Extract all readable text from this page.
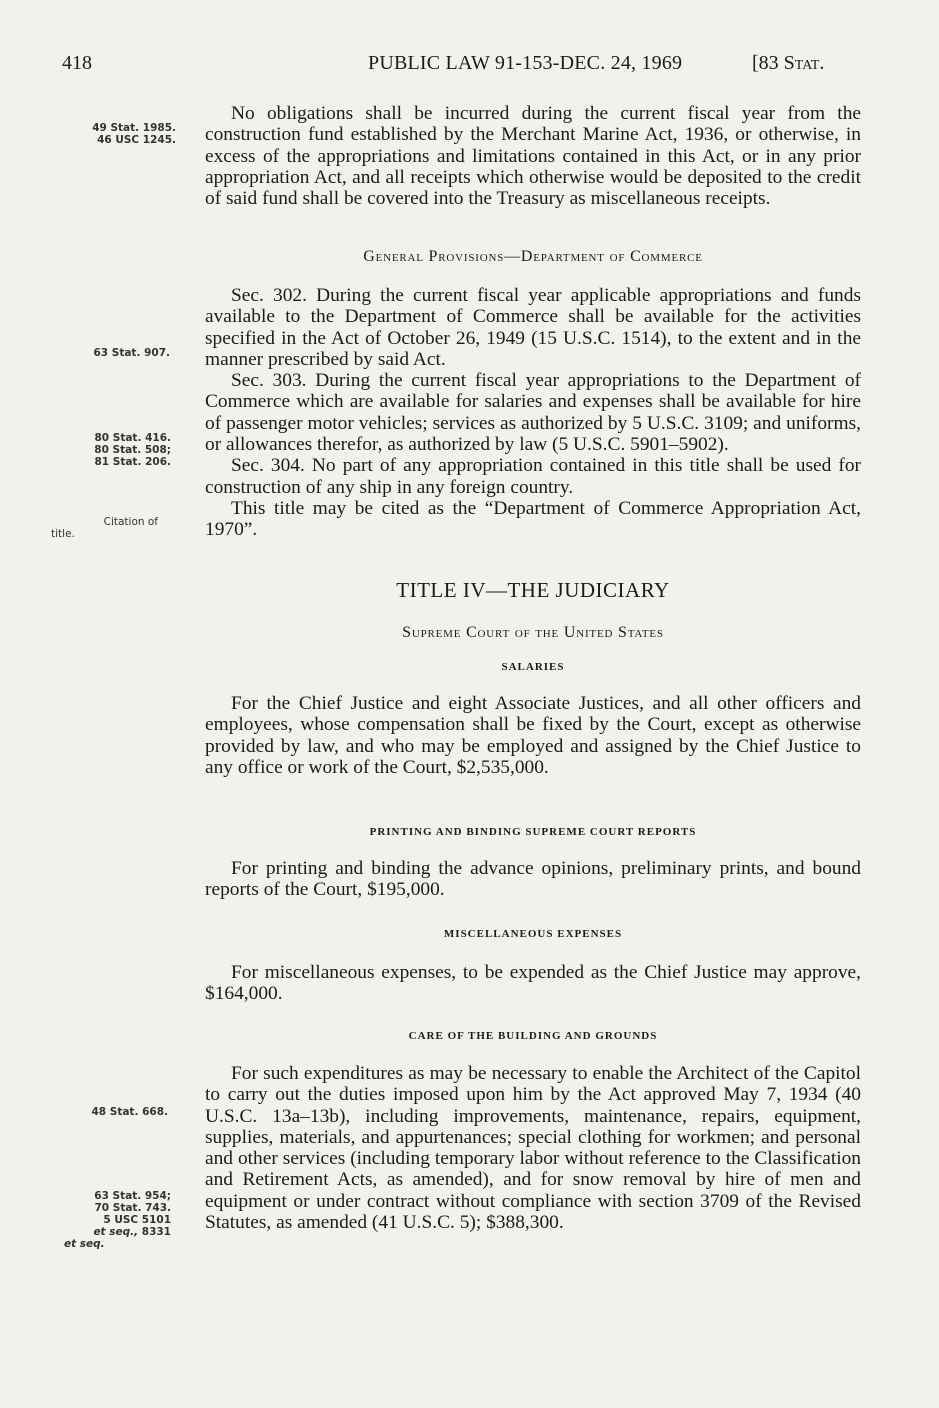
418	PUBLIC LAW 91-153-DEC. 24, 1969	[83 Stat.
49 Stat. 1985.
46 USC 1245.
63 Stat. 907.
80 Stat. 416.
80 Stat. 508;
81 Stat. 206.
Citation of
title.
48 Stat. 668.
63 Stat. 954;
70 Stat. 743.
5 USC 5101
et seq., 8331
et seq.

No obligations shall be incurred during the current fiscal year from the construction fund established by the Merchant Marine Act, 1936, or otherwise, in excess of the appropriations and limitations contained in this Act, or in any prior appropriation Act, and all receipts which otherwise would be deposited to the credit of said fund shall be covered into the Treasury as miscellaneous receipts.

General Provisions—Department of Commerce

Sec. 302. During the current fiscal year applicable appropriations and funds available to the Department of Commerce shall be available for the activities specified in the Act of October 26, 1949 (15 U.S.C. 1514), to the extent and in the manner prescribed by said Act.

Sec. 303. During the current fiscal year appropriations to the Department of Commerce which are available for salaries and expenses shall be available for hire of passenger motor vehicles; services as authorized by 5 U.S.C. 3109; and uniforms, or allowances therefor, as authorized by law (5 U.S.C. 5901–5902).

Sec. 304. No part of any appropriation contained in this title shall be used for construction of any ship in any foreign country.

This title may be cited as the “Department of Commerce Appropriation Act, 1970”.

TITLE IV—THE JUDICIARY
Supreme Court of the United States
SALARIES

For the Chief Justice and eight Associate Justices, and all other officers and employees, whose compensation shall be fixed by the Court, except as otherwise provided by law, and who may be employed and assigned by the Chief Justice to any office or work of the Court, $2,535,000.

PRINTING AND BINDING SUPREME COURT REPORTS

For printing and binding the advance opinions, preliminary prints, and bound reports of the Court, $195,000.

MISCELLANEOUS EXPENSES

For miscellaneous expenses, to be expended as the Chief Justice may approve, $164,000.

CARE OF THE BUILDING AND GROUNDS

For such expenditures as may be necessary to enable the Architect of the Capitol to carry out the duties imposed upon him by the Act approved May 7, 1934 (40 U.S.C. 13a–13b), including improvements, maintenance, repairs, equipment, supplies, materials, and appurtenances; special clothing for workmen; and personal and other services (including temporary labor without reference to the Classification and Retirement Acts, as amended), and for snow removal by hire of men and equipment or under contract without compliance with section 3709 of the Revised Statutes, as amended (41 U.S.C. 5); $388,300.
